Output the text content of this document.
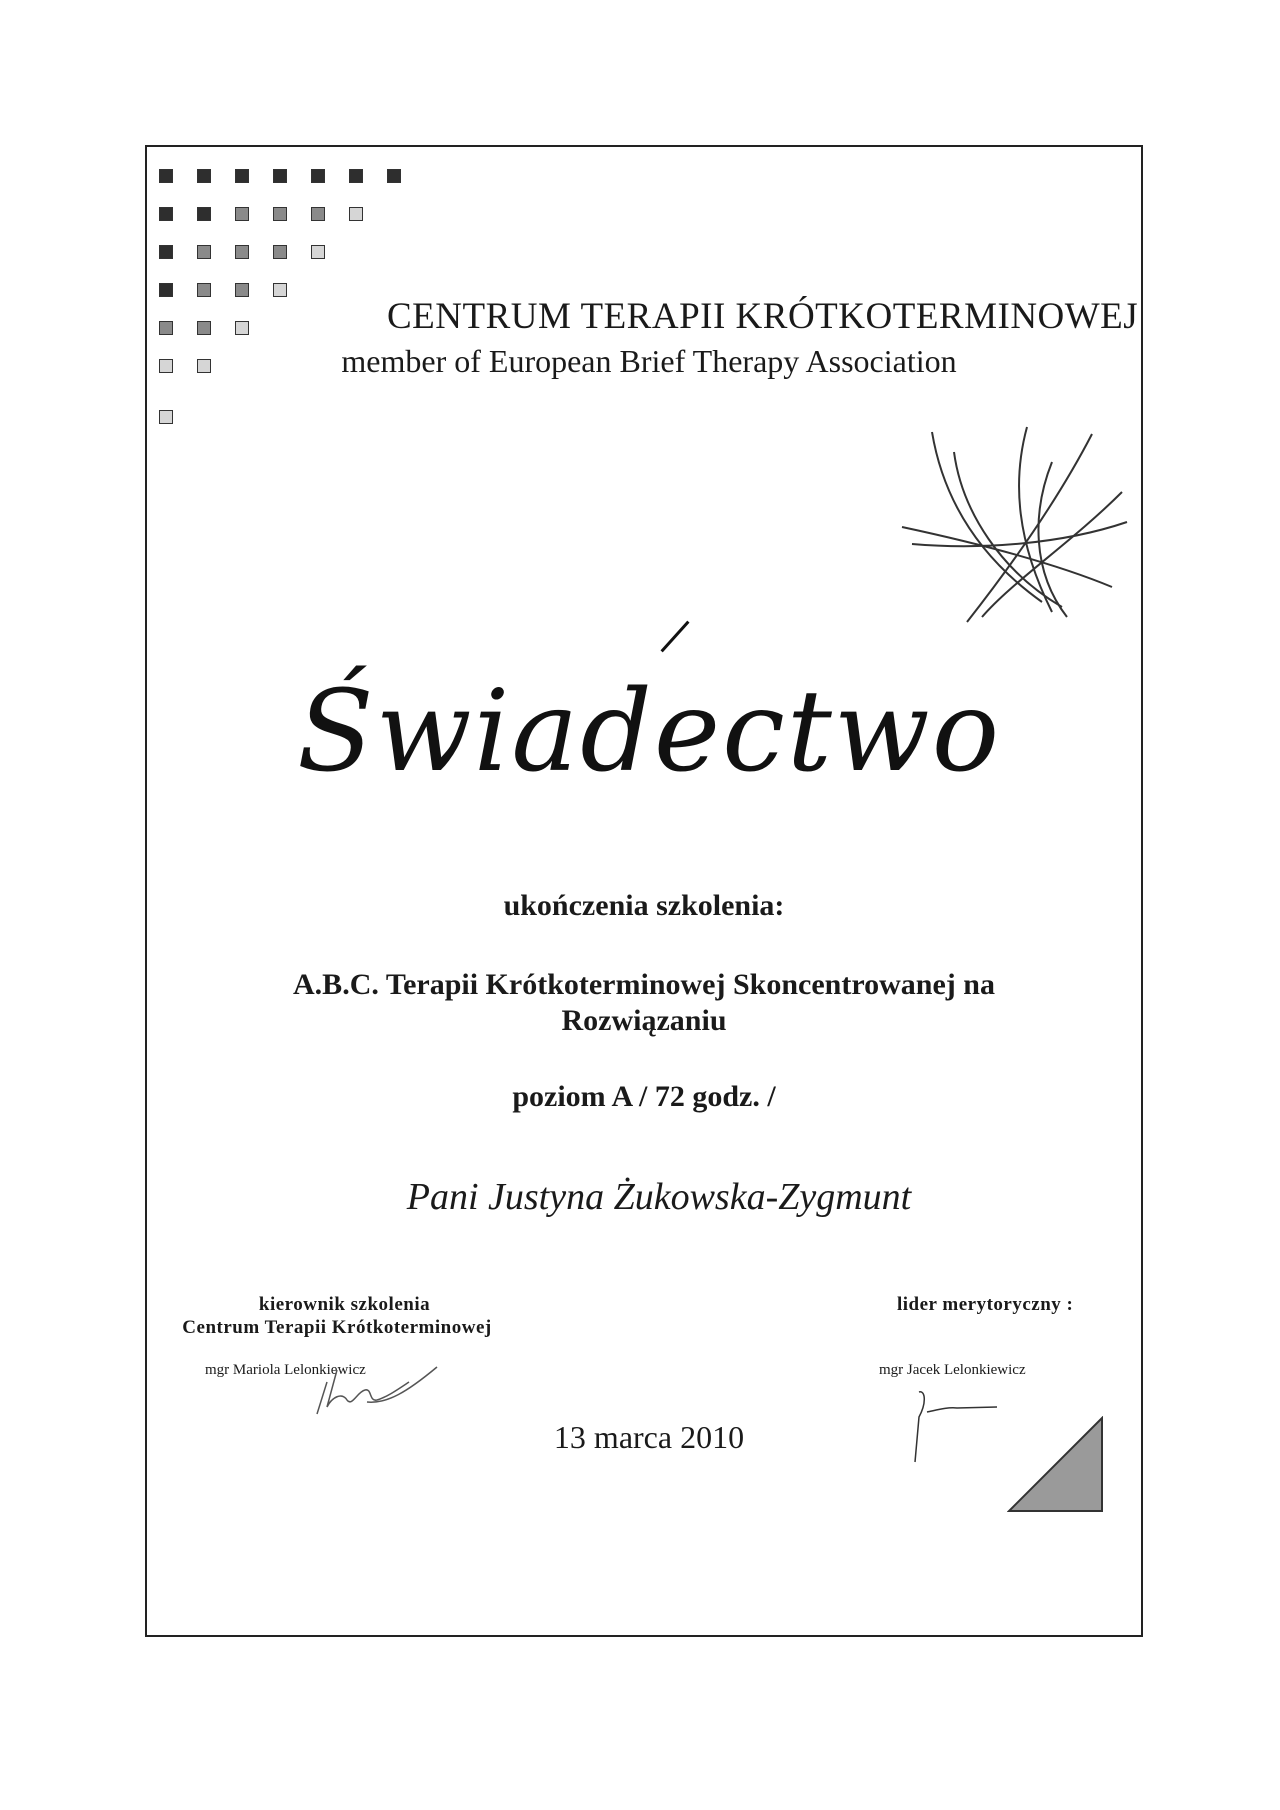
CENTRUM TERAPII KRÓTKOTERMINOWEJ
member of European Brief Therapy Association
Świadectwo
ukończenia szkolenia:
A.B.C. Terapii Krótkoterminowej Skoncentrowanej na
Rozwiązaniu
poziom A / 72 godz. /
Pani Justyna Żukowska-Zygmunt
kierownik szkolenia
Centrum Terapii Krótkoterminowej
lider merytoryczny :
mgr Mariola Lelonkiewicz	mgr Jacek Lelonkiewicz
13 marca 2010
